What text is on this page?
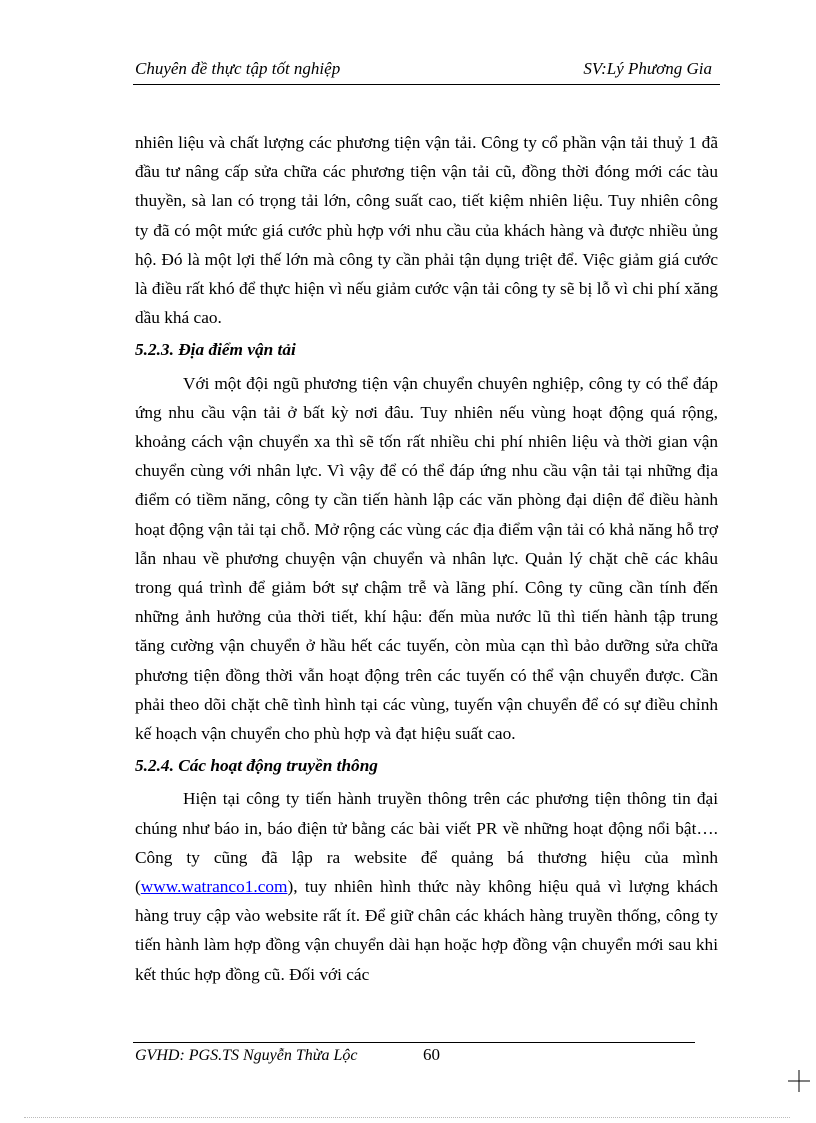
Chuyên đề thực tập tốt nghiệp	SV:Lý Phương Gia

nhiên liệu và chất lượng các phương tiện vận tải. Công ty cổ phần vận tải thuỷ 1 đã đầu tư nâng cấp sửa chữa các phương tiện vận tải cũ, đồng thời đóng mới các tàu thuyền, sà lan có trọng tải lớn, công suất cao, tiết kiệm nhiên liệu. Tuy nhiên công ty đã có một mức giá cước phù hợp với nhu cầu của khách hàng và được nhiều ủng hộ. Đó là một lợi thế lớn mà công ty cần phải tận dụng triệt để. Việc giảm giá cước là điều rất khó để thực hiện vì nếu giảm cước vận tải công ty sẽ bị lỗ vì chi phí xăng dầu khá cao.

5.2.3. Địa điểm vận tải

Với một đội ngũ phương tiện vận chuyển chuyên nghiệp, công ty có thể đáp ứng nhu cầu vận tải ở bất kỳ nơi đâu. Tuy nhiên nếu vùng hoạt động quá rộng, khoảng cách vận chuyển xa thì sẽ tốn rất nhiều chi phí nhiên liệu và thời gian vận chuyển cùng với nhân lực. Vì vậy để có thể đáp ứng nhu cầu vận tải tại những địa điểm có tiềm năng, công ty cần tiến hành lập các văn phòng đại diện để điều hành hoạt động vận tải tại chỗ. Mở rộng các vùng các địa điểm vận tải có khả năng hỗ trợ lẫn nhau về phương chuyện vận chuyển và nhân lực. Quản lý chặt chẽ các khâu trong quá trình để giảm bớt sự chậm trễ và lãng phí. Công ty cũng cần tính đến những ảnh hưởng của thời tiết, khí hậu: đến mùa nước lũ thì tiến hành tập trung tăng cường vận chuyển ở hầu hết các tuyến, còn mùa cạn thì bảo dưỡng sửa chữa phương tiện đồng thời vẫn hoạt động trên các tuyến có thể vận chuyển được. Cần phải theo dõi chặt chẽ tình hình tại các vùng, tuyến vận chuyển để có sự điều chỉnh kế hoạch vận chuyển cho phù hợp và đạt hiệu suất cao.

5.2.4. Các hoạt động truyền thông

Hiện tại công ty tiến hành truyền thông trên các phương tiện thông tin đại chúng như báo in, báo điện tử bằng các bài viết PR về những hoạt động nổi bật…. Công ty cũng đã lập ra website để quảng bá thương hiệu của mình (www.watranco1.com), tuy nhiên hình thức này không hiệu quả vì lượng khách hàng truy cập vào website rất ít. Để giữ chân các khách hàng truyền thống, công ty tiến hành làm hợp đồng vận chuyển dài hạn hoặc hợp đồng vận chuyển mới sau khi kết thúc hợp đồng cũ. Đối với các

GVHD: PGS.TS Nguyễn Thừa Lộc	60
